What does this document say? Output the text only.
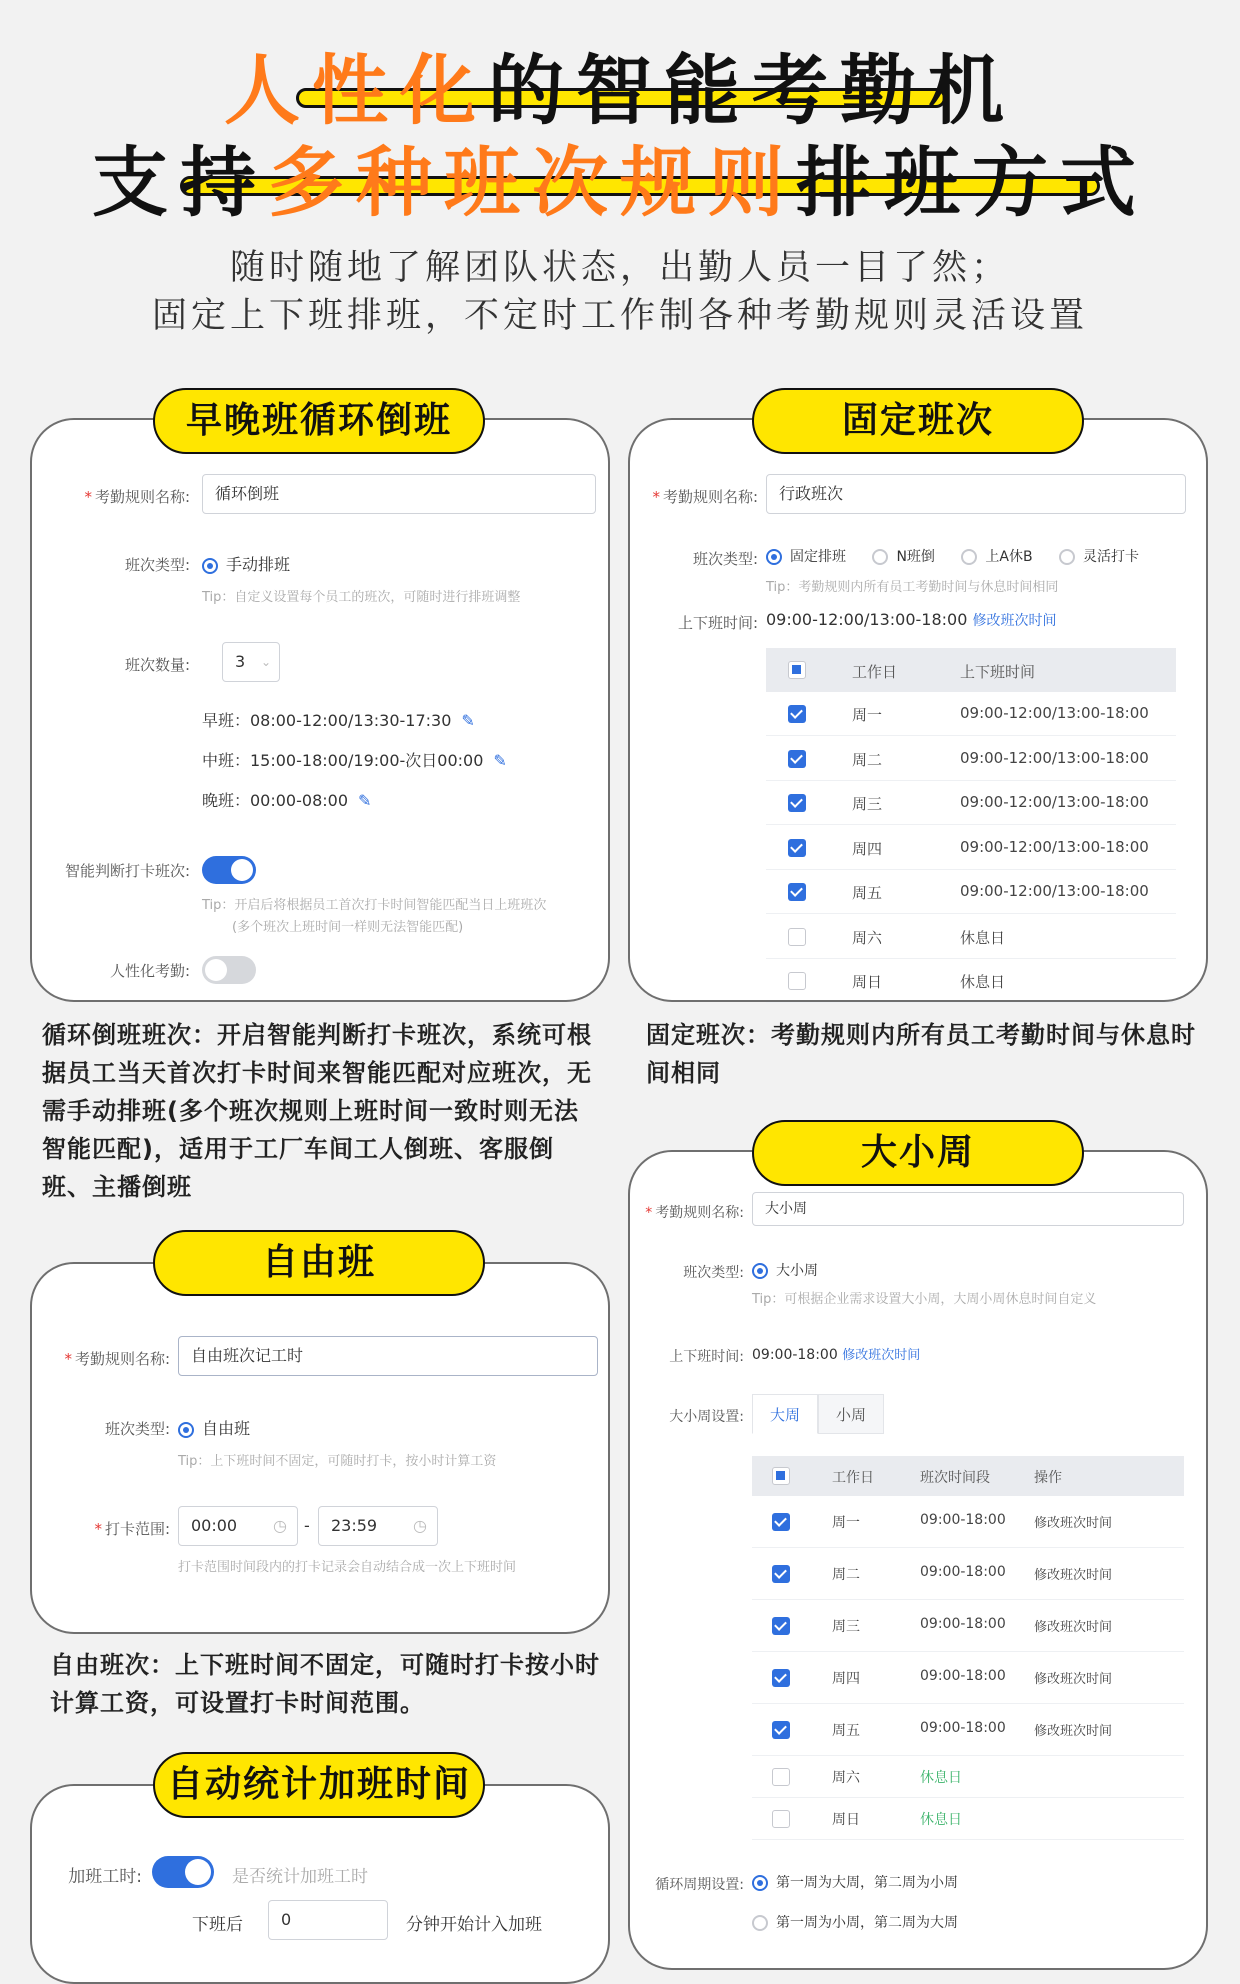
人性化的智能考勤机
支持多种班次规则排班方式
随时随地了解团队状态，出勤人员一目了然；
固定上下班排班，不定时工作制各种考勤规则灵活设置
早晚班循环倒班
* 考勤规则名称:	循环倒班
班次类型:	手动排班
Tip：自定义设置每个员工的班次，可随时进行排班调整
班次数量:	3 ⌄
早班：08:00-12:00/13:30-17:30 ✎
中班：15:00-18:00/19:00-次日00:00 ✎
晚班：00:00-08:00 ✎
智能判断打卡班次:
Tip：开启后将根据员工首次打卡时间智能匹配当日上班班次
(多个班次上班时间一样则无法智能匹配)
人性化考勤:
循环倒班班次：开启智能判断打卡班次，系统可根据员工当天首次打卡时间来智能匹配对应班次，无需手动排班(多个班次规则上班时间一致时则无法智能匹配)，适用于工厂车间工人倒班、客服倒班、主播倒班
固定班次
* 考勤规则名称:	行政班次
班次类型:	固定排班	N班倒	上A休B	灵活打卡
Tip：考勤规则内所有员工考勤时间与休息时间相同
上下班时间: 09:00-12:00/13:00-18:00 修改班次时间
工作日	上下班时间
周一	09:00-12:00/13:00-18:00
周二	09:00-12:00/13:00-18:00
周三	09:00-12:00/13:00-18:00
周四	09:00-12:00/13:00-18:00
周五	09:00-12:00/13:00-18:00
周六	休息日
周日	休息日
固定班次：考勤规则内所有员工考勤时间与休息时间相同
自由班
* 考勤规则名称:	自由班次记工时
班次类型:	自由班
Tip：上下班时间不固定，可随时打卡，按小时计算工资
* 打卡范围:	00:00 ◷ -	23:59 ◷
打卡范围时间段内的打卡记录会自动结合成一次上下班时间
自由班次：上下班时间不固定，可随时打卡按小时计算工资，可设置打卡时间范围。
自动统计加班时间
加班工时:	是否统计加班工时
下班后	0	分钟开始计入加班
大小周
* 考勤规则名称:	大小周
班次类型:	大小周
Tip：可根据企业需求设置大小周，大周小周休息时间自定义
上下班时间: 09:00-18:00 修改班次时间
大小周设置:	大周	小周
工作日	班次时间段	操作
周一	09:00-18:00 修改班次时间
周二	09:00-18:00 修改班次时间
周三	09:00-18:00 修改班次时间
周四	09:00-18:00 修改班次时间
周五	09:00-18:00 修改班次时间
周六	休息日
周日	休息日
循环周期设置:	第一周为大周，第二周为小周
第一周为小周，第二周为大周
